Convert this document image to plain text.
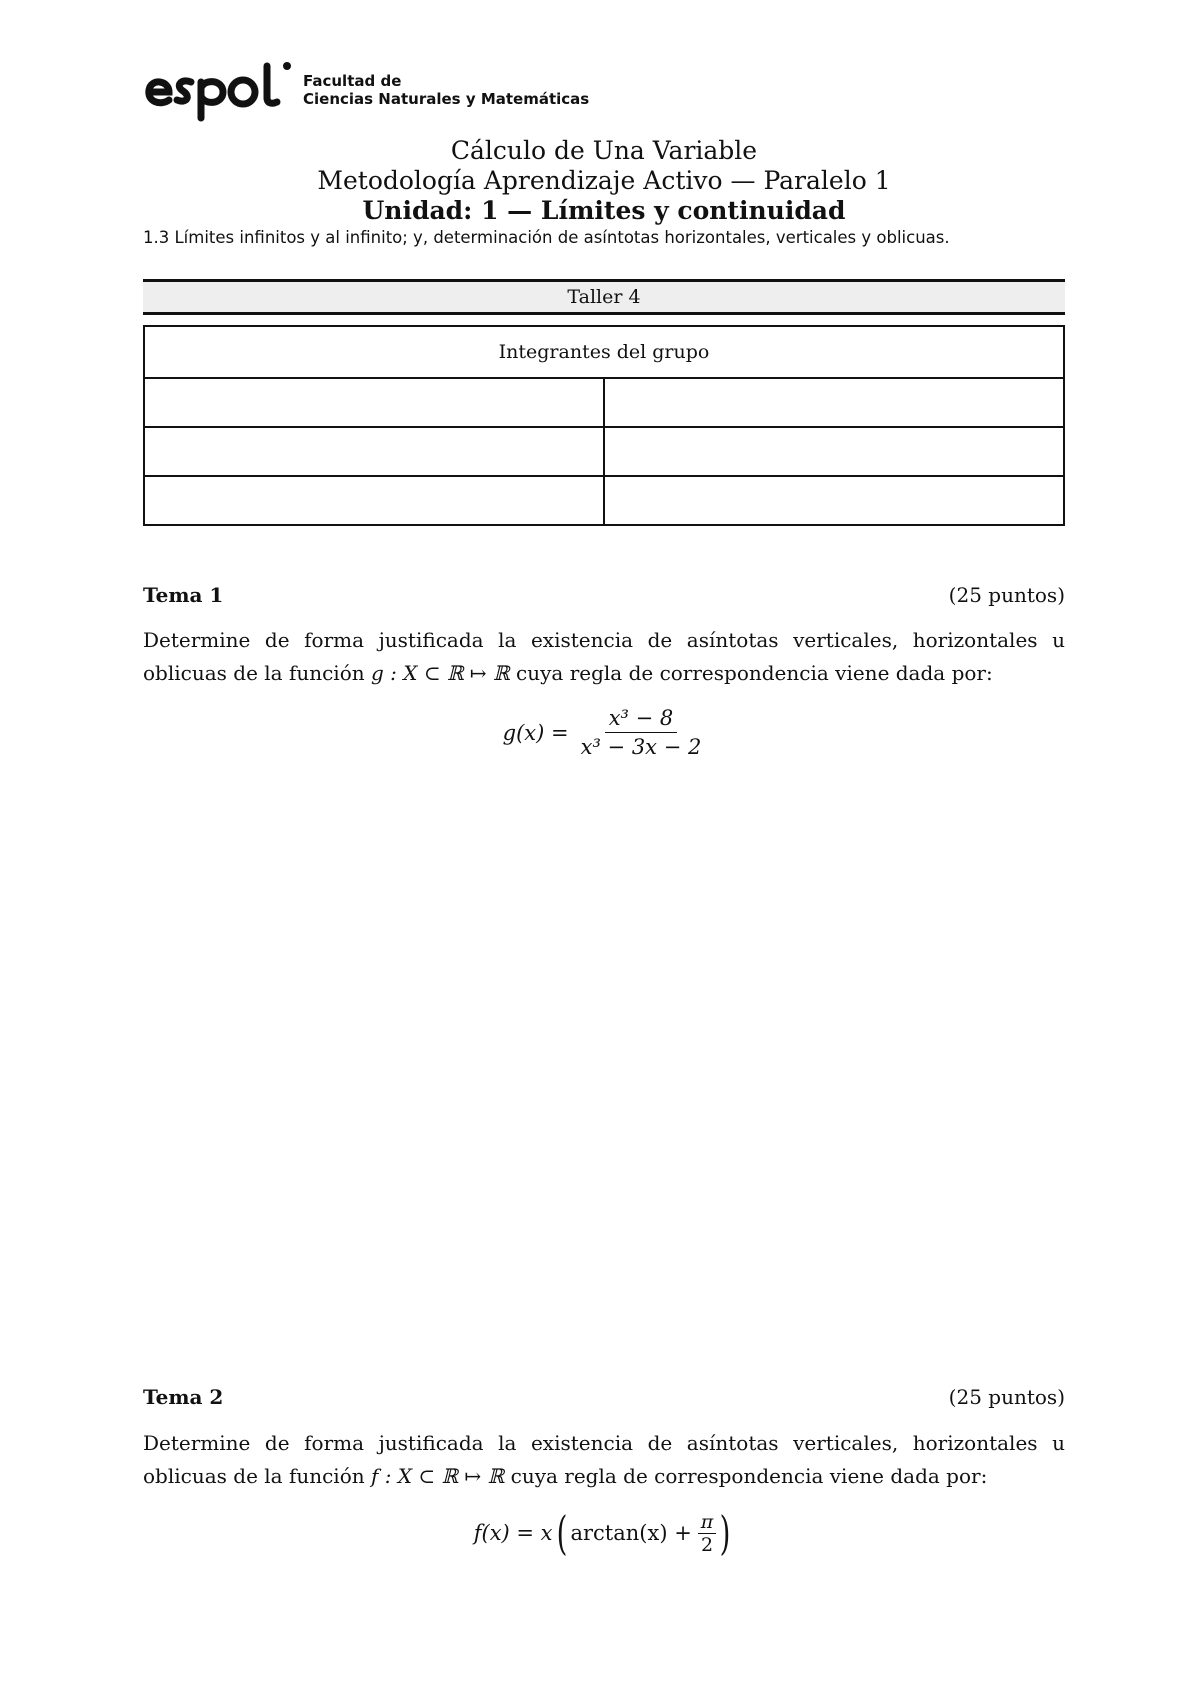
Facultad de
Ciencias Naturales y Matemáticas
Cálculo de Una Variable
Metodología Aprendizaje Activo — Paralelo 1
Unidad: 1 — Límites y continuidad
1.3 Límites infinitos y al infinito; y, determinación de asíntotas horizontales, verticales y oblicuas.
Taller 4
Integrantes del grupo	

Tema 1	(25 puntos)
Determine de forma justificada la existencia de asíntotas verticales, horizontales u oblicuas de la función g : X ⊂ ℝ ↦ ℝ cuya regla de correspondencia viene dada por:
$g(x) = \frac{\text{x³ − 8}}{\text{x³ − 3x − 2}}$
Tema 2	(25 puntos)
Determine de forma justificada la existencia de asíntotas verticales, horizontales u oblicuas de la función f : X ⊂ ℝ ↦ ℝ cuya regla de correspondencia viene dada por:
f(x) = x ( $\arctan(x) + \frac{\pi}{2}$ )
